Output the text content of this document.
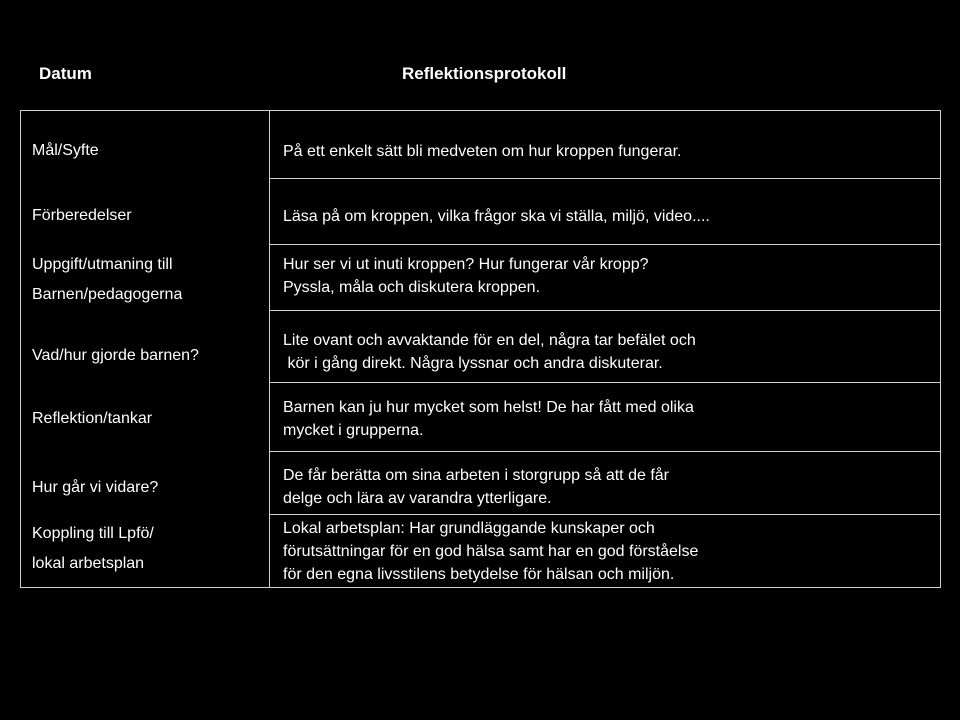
Datum	Reflektionsprotokoll
Mål/Syfte
Förberedelser
Uppgift/utmaning till
Barnen/pedagogerna
Vad/hur gjorde barnen?
Reflektion/tankar
Hur går vi vidare?
Koppling till Lpfö/
lokal arbetsplan
På ett enkelt sätt bli medveten om hur kroppen fungerar.
Läsa på om kroppen, vilka frågor ska vi ställa, miljö, video....
Hur ser vi ut inuti kroppen? Hur fungerar vår kropp?
Pyssla, måla och diskutera kroppen.
Lite ovant och avvaktande för en del, några tar befälet och
kör i gång direkt. Några lyssnar och andra diskuterar.
Barnen kan ju hur mycket som helst! De har fått med olika
mycket i grupperna.
De får berätta om sina arbeten i storgrupp så att de får
delge och lära av varandra ytterligare.
Lokal arbetsplan: Har grundläggande kunskaper och
förutsättningar för en god hälsa samt har en god förståelse
för den egna livsstilens betydelse för hälsan och miljön.
